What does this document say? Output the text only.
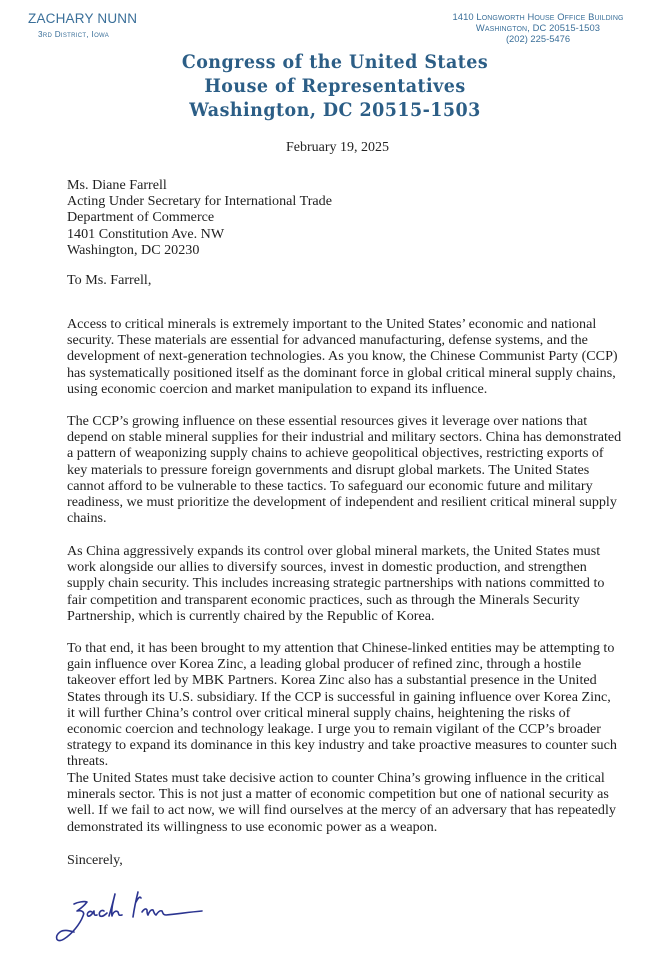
ZACHARY NUNN
3rd District, Iowa
1410 Longworth House Office Building
Washington, DC 20515-1503
(202) 225-5476
Congress of the United States
House of Representatives
Washington, DC 20515-1503
February 19, 2025
Ms. Diane Farrell
Acting Under Secretary for International Trade
Department of Commerce
1401 Constitution Ave. NW
Washington, DC 20230
To Ms. Farrell,
Access to critical minerals is extremely important to the United States’ economic and national security. These materials are essential for advanced manufacturing, defense systems, and the development of next-generation technologies. As you know, the Chinese Communist Party (CCP) has systematically positioned itself as the dominant force in global critical mineral supply chains, using economic coercion and market manipulation to expand its influence.
The CCP’s growing influence on these essential resources gives it leverage over nations that depend on stable mineral supplies for their industrial and military sectors. China has demonstrated a pattern of weaponizing supply chains to achieve geopolitical objectives, restricting exports of key materials to pressure foreign governments and disrupt global markets. The United States cannot afford to be vulnerable to these tactics. To safeguard our economic future and military readiness, we must prioritize the development of independent and resilient critical mineral supply chains.
As China aggressively expands its control over global mineral markets, the United States must work alongside our allies to diversify sources, invest in domestic production, and strengthen supply chain security. This includes increasing strategic partnerships with nations committed to fair competition and transparent economic practices, such as through the Minerals Security Partnership, which is currently chaired by the Republic of Korea.
To that end, it has been brought to my attention that Chinese-linked entities may be attempting to gain influence over Korea Zinc, a leading global producer of refined zinc, through a hostile takeover effort led by MBK Partners. Korea Zinc also has a substantial presence in the United States through its U.S. subsidiary. If the CCP is successful in gaining influence over Korea Zinc, it will further China’s control over critical mineral supply chains, heightening the risks of economic coercion and technology leakage. I urge you to remain vigilant of the CCP’s broader strategy to expand its dominance in this key industry and take proactive measures to counter such threats.
The United States must take decisive action to counter China’s growing influence in the critical minerals sector. This is not just a matter of economic competition but one of national security as well. If we fail to act now, we will find ourselves at the mercy of an adversary that has repeatedly demonstrated its willingness to use economic power as a weapon.
Sincerely,
